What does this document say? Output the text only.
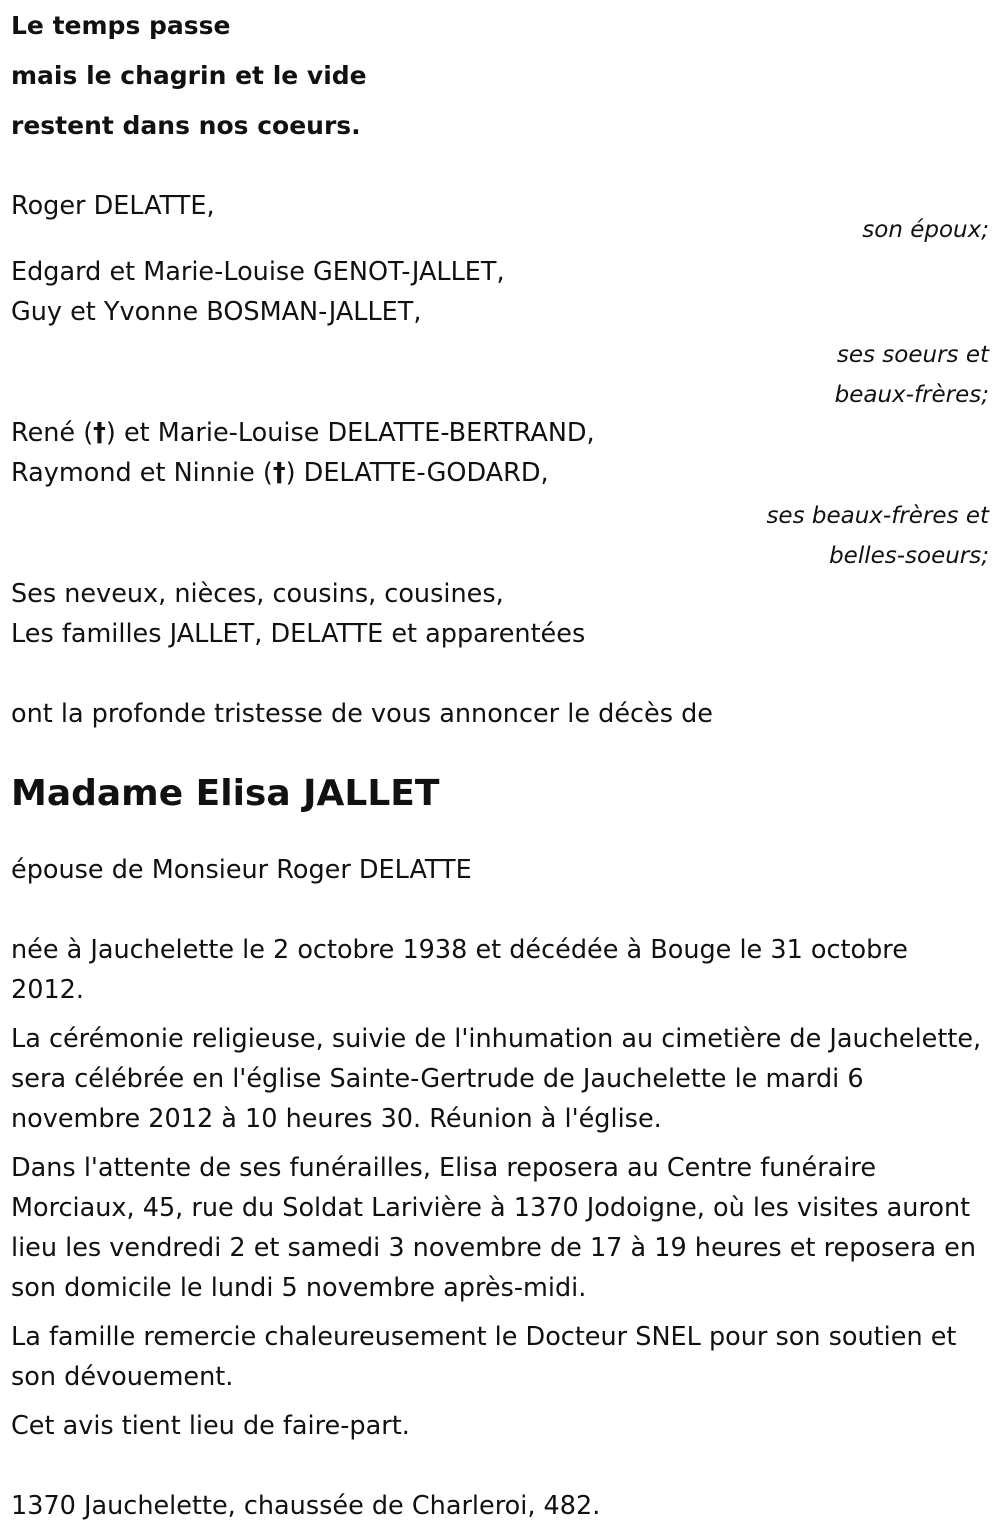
Le temps passe
mais le chagrin et le vide
restent dans nos coeurs.
Roger DELATTE,
son époux;
Edgard et Marie-Louise GENOT-JALLET,
Guy et Yvonne BOSMAN-JALLET,
ses soeurs et
beaux-frères;
René (†) et Marie-Louise DELATTE-BERTRAND,
Raymond et Ninnie (†) DELATTE-GODARD,
ses beaux-frères et
belles-soeurs;
Ses neveux, nièces, cousins, cousines,
Les familles JALLET, DELATTE et apparentées
ont la profonde tristesse de vous annoncer le décès de
Madame Elisa JALLET
épouse de Monsieur Roger DELATTE

née à Jauchelette le 2 octobre 1938 et décédée à Bouge le 31 octobre 2012.

La cérémonie religieuse, suivie de l'inhumation au cimetière de Jauchelette, sera célébrée en l'église Sainte-Gertrude de Jauchelette le mardi 6 novembre 2012 à 10 heures 30. Réunion à l'église.

Dans l'attente de ses funérailles, Elisa reposera au Centre funéraire Morciaux, 45, rue du Soldat Larivière à 1370 Jodoigne, où les visites auront lieu les vendredi 2 et samedi 3 novembre de 17 à 19 heures et reposera en son domicile le lundi 5 novembre après-midi.

La famille remercie chaleureusement le Docteur SNEL pour son soutien et son dévouement.

Cet avis tient lieu de faire-part.

1370 Jauchelette, chaussée de Charleroi, 482.
